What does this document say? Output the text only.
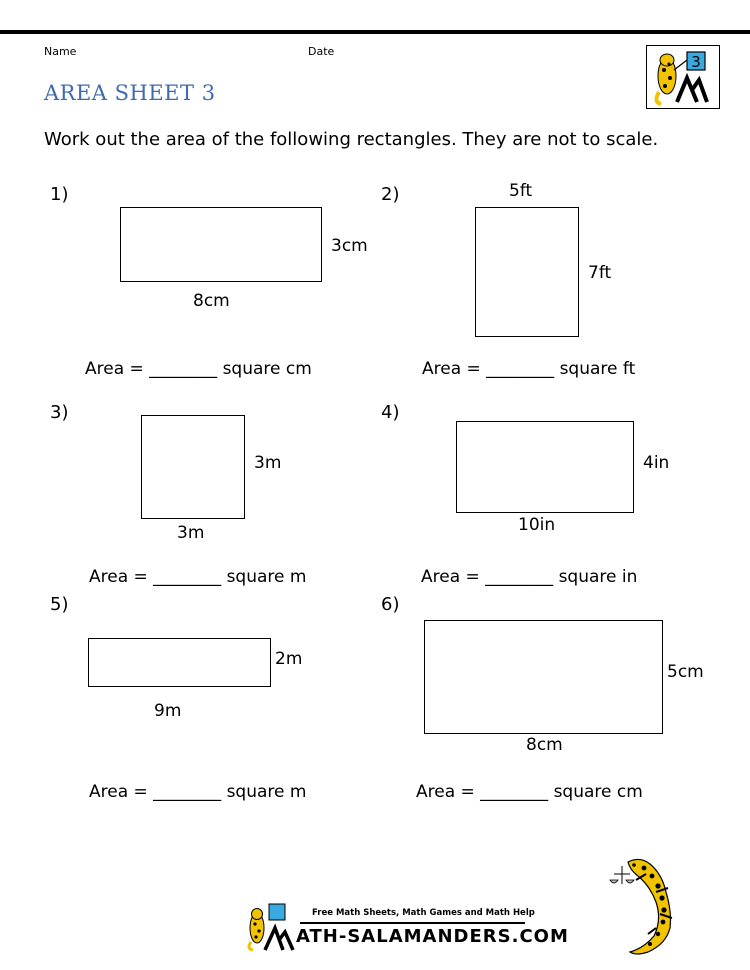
Name	Date
AREA SHEET 3
3
Work out the area of the following rectangles. They are not to scale.
1)
3cm
8cm
Area = ________ square cm
2)	5ft
7ft
Area = ________ square ft
3)
3m
3m
Area = ________ square m
4)
4in
10in
Area = ________ square in
5)
2m
9m
Area = ________ square m
6)
5cm
8cm
Area = ________ square cm
Free Math Sheets, Math Games and Math Help
ATH-SALAMANDERS.COM
